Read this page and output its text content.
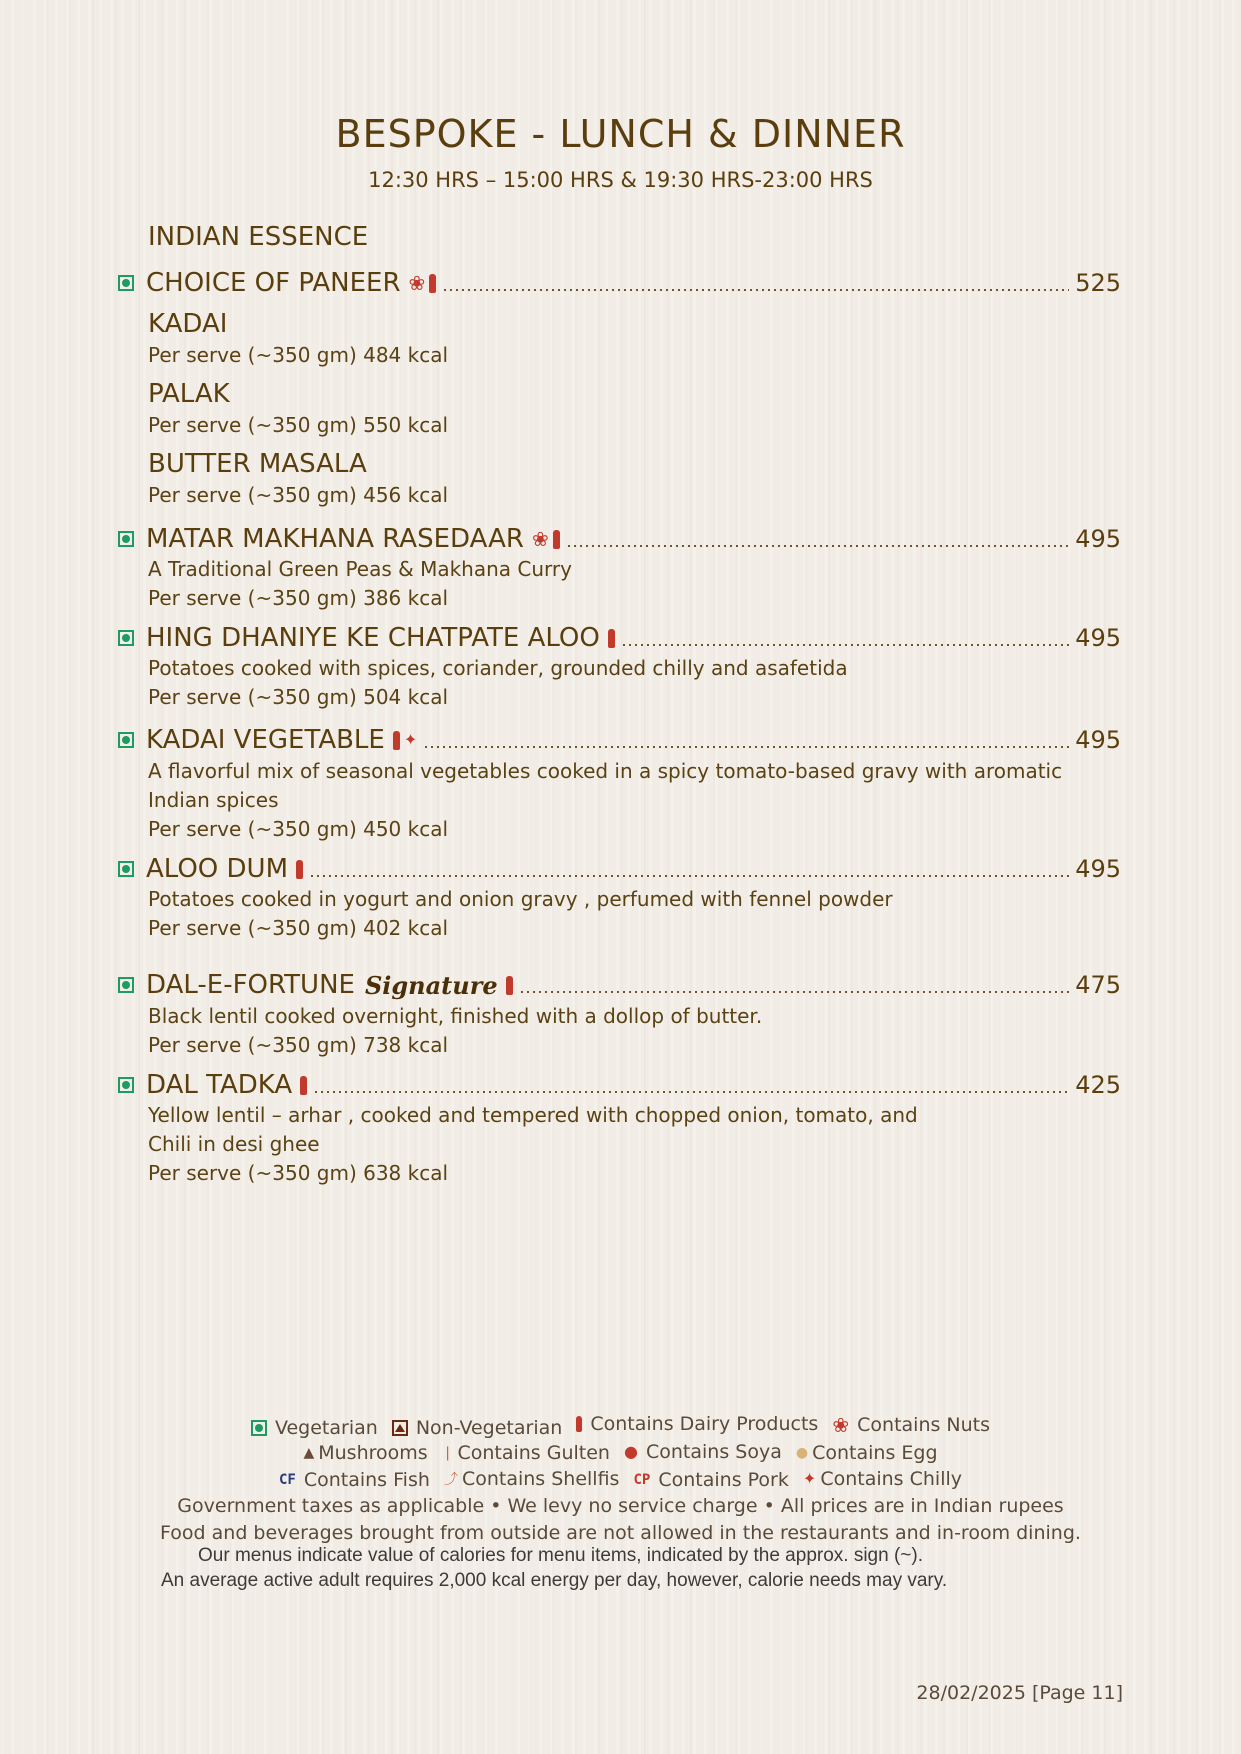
BESPOKE - LUNCH & DINNER
12:30 HRS – 15:00 HRS & 19:30 HRS-23:00 HRS
INDIAN ESSENCE
CHOICE OF PANEER ❀	525
KADAI
Per serve (~350 gm) 484 kcal
PALAK
Per serve (~350 gm) 550 kcal
BUTTER MASALA
Per serve (~350 gm) 456 kcal
MATAR MAKHANA RASEDAAR ❀	495
A Traditional Green Peas & Makhana Curry
Per serve (~350 gm) 386 kcal
HING DHANIYE KE CHATPATE ALOO	495
Potatoes cooked with spices, coriander, grounded chilly and asafetida
Per serve (~350 gm) 504 kcal
KADAI VEGETABLE ✦	495
A flavorful mix of seasonal vegetables cooked in a spicy tomato-based gravy with aromatic
Indian spices
Per serve (~350 gm) 450 kcal
ALOO DUM	495
Potatoes cooked in yogurt and onion gravy , perfumed with fennel powder
Per serve (~350 gm) 402 kcal
DAL-E-FORTUNE Signature	475
Black lentil cooked overnight, finished with a dollop of butter.
Per serve (~350 gm) 738 kcal
DAL TADKA	425
Yellow lentil – arhar , cooked and tempered with chopped onion, tomato, and
Chili in desi ghee
Per serve (~350 gm) 638 kcal
Vegetarian
Non-Vegetarian
Contains Dairy Products
❀ Contains Nuts
▲ Mushrooms
❘ Contains Gulten
● Contains Soya
● Contains Egg
CF Contains Fish
⤴ Contains Shellfis
CP Contains Pork
✦ Contains Chilly
Government taxes as applicable • We levy no service charge • All prices are in Indian rupees
Food and beverages brought from outside are not allowed in the restaurants and in-room dining.
Our menus indicate value of calories for menu items, indicated by the approx. sign (~).
An average active adult requires 2,000 kcal energy per day, however, calorie needs may vary.
28/02/2025 [Page 11]
